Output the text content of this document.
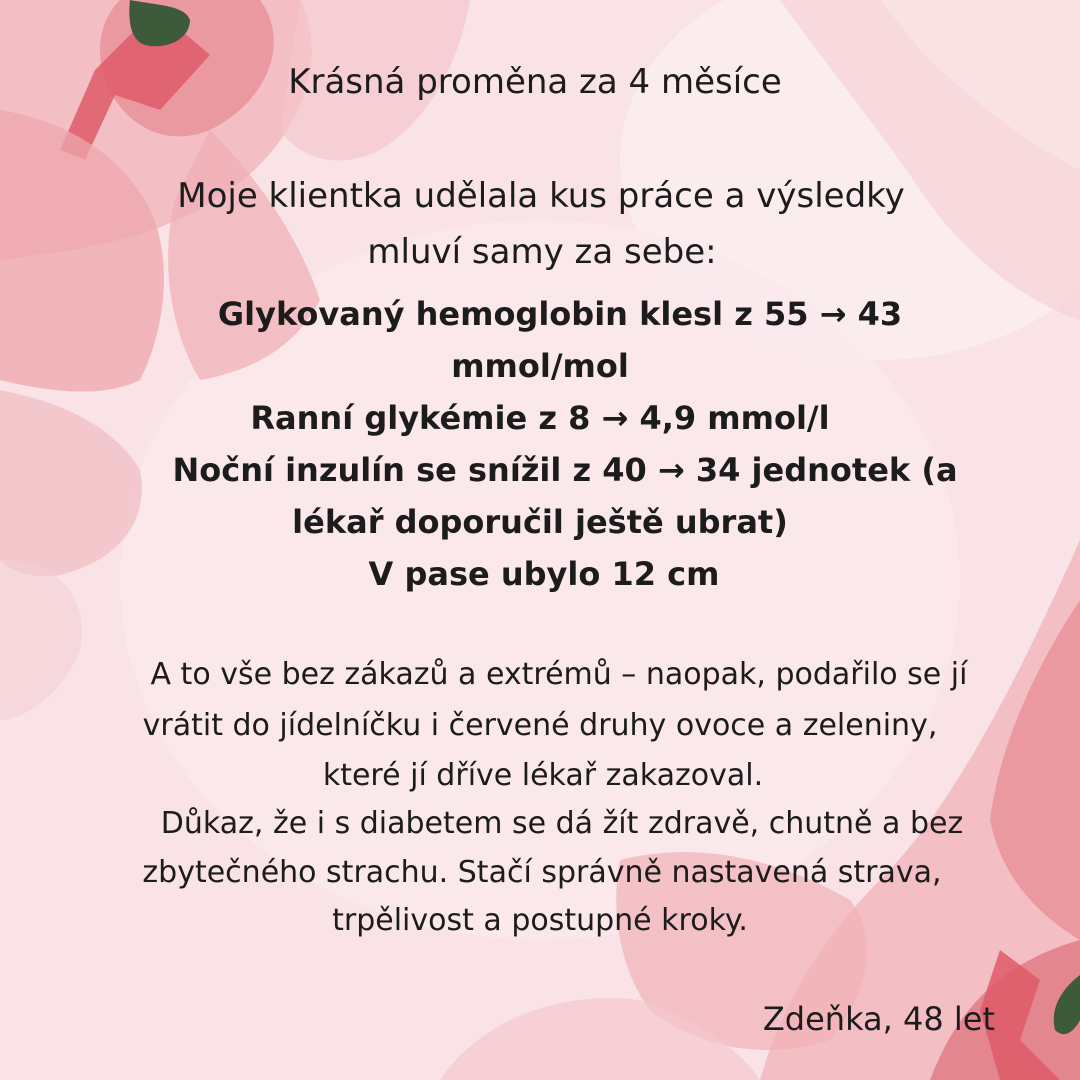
Krásná proměna za 4 měsíce
Moje klientka udělala kus práce a výsledky
mluví samy za sebe:
Glykovaný hemoglobin klesl z 55 → 43
mmol/mol
Ranní glykémie z 8 → 4,9 mmol/l
Noční inzulín se snížil z 40 → 34 jednotek (a
lékař doporučil ještě ubrat)
V pase ubylo 12 cm
A to vše bez zákazů a extrémů – naopak, podařilo se jí
vrátit do jídelníčku i červené druhy ovoce a zeleniny,
které jí dříve lékař zakazoval.
Důkaz, že i s diabetem se dá žít zdravě, chutně a bez
zbytečného strachu. Stačí správně nastavená strava,
trpělivost a postupné kroky.
Zdeňka, 48 let
